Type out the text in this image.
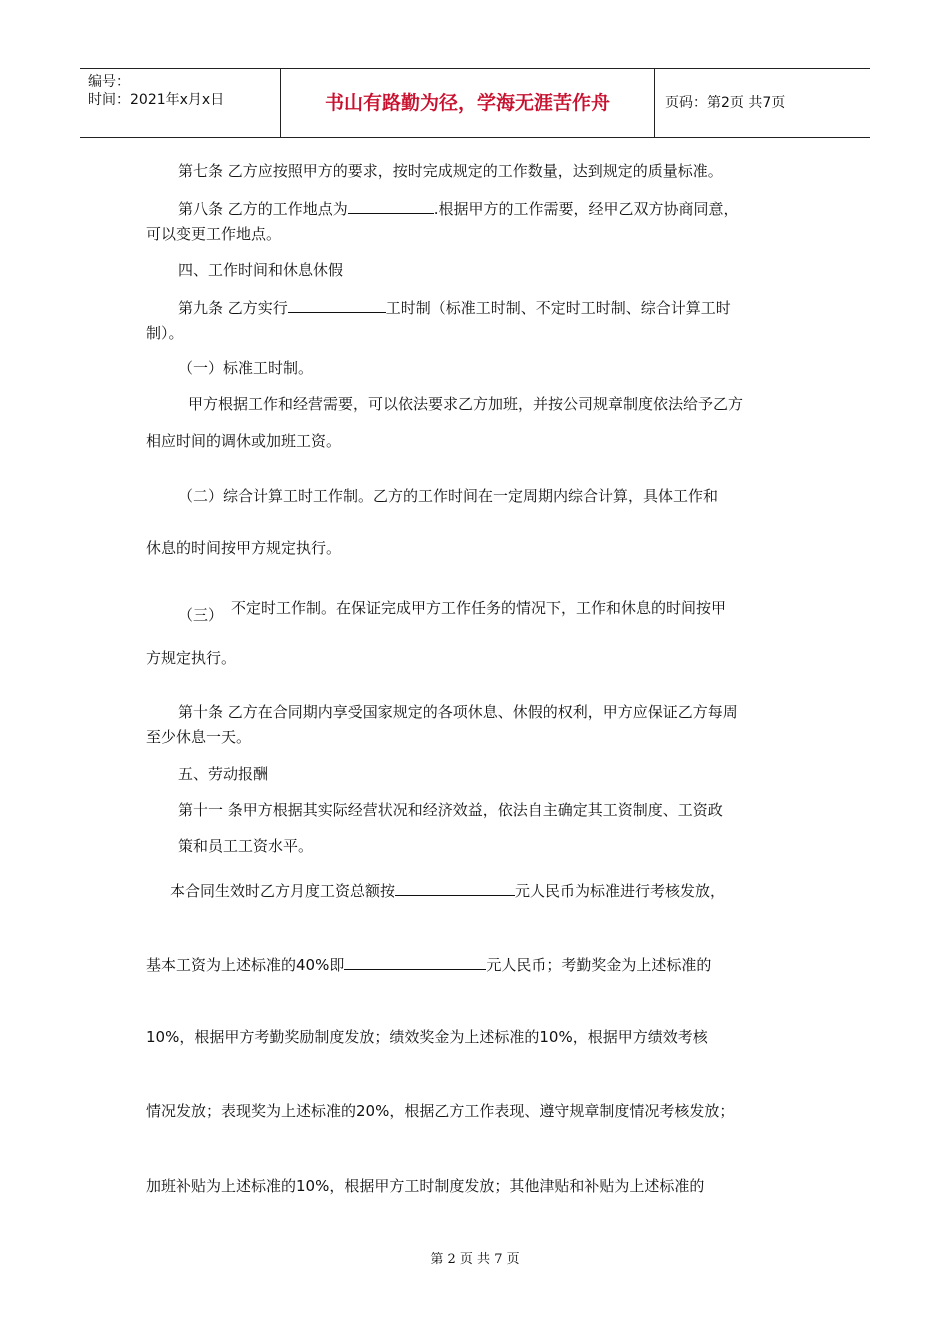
编号：
时间：2021年x月x日	书山有路勤为径，学海无涯苦作舟	页码：第2页 共7页
第七条 乙方应按照甲方的要求，按时完成规定的工作数量，达到规定的质量标准。
第八条 乙方的工作地点为	.根据甲方的工作需要，经甲乙双方协商同意，
可以变更工作地点。
四、工作时间和休息休假
第九条 乙方实行	工时制（标准工时制、不定时工时制、综合计算工时
制）。
（一）标准工时制。
甲方根据工作和经营需要，可以依法要求乙方加班，并按公司规章制度依法给予乙方
相应时间的调休或加班工资。
（二）综合计算工时工作制。乙方的工作时间在一定周期内综合计算，具体工作和
休息的时间按甲方规定执行。
（三） 不定时工作制。在保证完成甲方工作任务的情况下，工作和休息的时间按甲
方规定执行。
第十条 乙方在合同期内享受国家规定的各项休息、休假的权利，甲方应保证乙方每周
至少休息一天。
五、劳动报酬
第十一 条甲方根据其实际经营状况和经济效益，依法自主确定其工资制度、工资政
策和员工工资水平。
本合同生效时乙方月度工资总额按	元人民币为标准进行考核发放，
基本工资为上述标准的40%即	元人民币；考勤奖金为上述标准的
10%，根据甲方考勤奖励制度发放；绩效奖金为上述标准的10%，根据甲方绩效考核
情况发放；表现奖为上述标准的20%，根据乙方工作表现、遵守规章制度情况考核发放；
加班补贴为上述标准的10%，根据甲方工时制度发放；其他津贴和补贴为上述标准的
第 2 页 共 7 页
